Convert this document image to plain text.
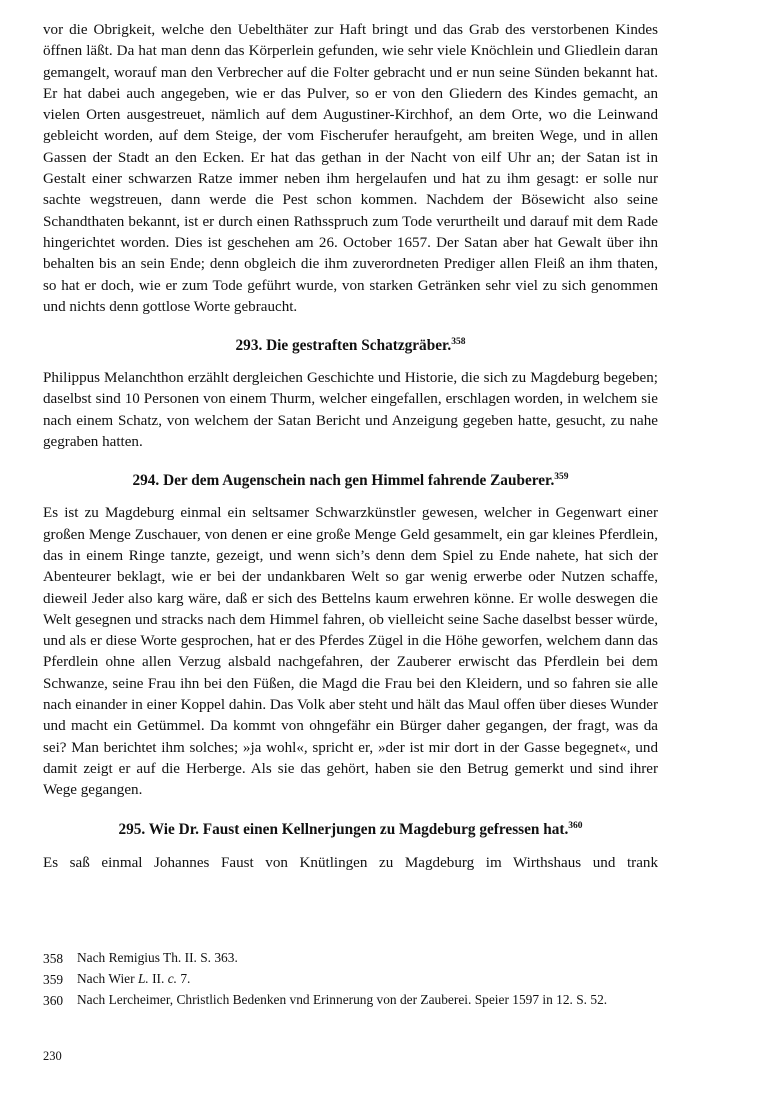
vor die Obrigkeit, welche den Uebelthäter zur Haft bringt und das Grab des verstorbenen Kindes öffnen läßt. Da hat man denn das Körperlein gefunden, wie sehr viele Knöchlein und Gliedlein daran gemangelt, worauf man den Verbrecher auf die Folter gebracht und er nun seine Sünden bekannt hat. Er hat dabei auch angegeben, wie er das Pulver, so er von den Gliedern des Kindes gemacht, an vielen Orten ausgestreuet, nämlich auf dem Augustiner-Kirchhof, an dem Orte, wo die Leinwand gebleicht worden, auf dem Steige, der vom Fischerufer heraufgeht, am breiten Wege, und in allen Gassen der Stadt an den Ecken. Er hat das gethan in der Nacht von eilf Uhr an; der Satan ist in Gestalt einer schwarzen Ratze immer neben ihm hergelaufen und hat zu ihm gesagt: er solle nur sachte wegstreuen, dann werde die Pest schon kommen. Nachdem der Bösewicht also seine Schandthaten bekannt, ist er durch einen Rathsspruch zum Tode verurtheilt und darauf mit dem Rade hingerichtet worden. Dies ist geschehen am 26. October 1657. Der Satan aber hat Gewalt über ihn behalten bis an sein Ende; denn obgleich die ihm zuverordneten Prediger allen Fleiß an ihm thaten, so hat er doch, wie er zum Tode geführt wurde, von starken Getränken sehr viel zu sich genommen und nichts denn gottlose Worte gebraucht.

293. Die gestraften Schatzgräber.$^{358}$

Philippus Melanchthon erzählt dergleichen Geschichte und Historie, die sich zu Magdeburg begeben; daselbst sind 10 Personen von einem Thurm, welcher eingefallen, erschlagen worden, in welchem sie nach einem Schatz, von welchem der Satan Bericht und Anzeigung gegeben hatte, gesucht, zu nahe gegraben hatten.

294. Der dem Augenschein nach gen Himmel fahrende Zauberer.$^{359}$

Es ist zu Magdeburg einmal ein seltsamer Schwarzkünstler gewesen, welcher in Gegenwart einer großen Menge Zuschauer, von denen er eine große Menge Geld gesammelt, ein gar kleines Pferdlein, das in einem Ringe tanzte, gezeigt, und wenn sich’s denn dem Spiel zu Ende nahete, hat sich der Abenteurer beklagt, wie er bei der undankbaren Welt so gar wenig erwerbe oder Nutzen schaffe, dieweil Jeder also karg wäre, daß er sich des Bettelns kaum erwehren könne. Er wolle deswegen die Welt gesegnen und stracks nach dem Himmel fahren, ob vielleicht seine Sache daselbst besser würde, und als er diese Worte gesprochen, hat er des Pferdes Zügel in die Höhe geworfen, welchem dann das Pferdlein ohne allen Verzug alsbald nachgefahren, der Zauberer erwischt das Pferdlein bei dem Schwanze, seine Frau ihn bei den Füßen, die Magd die Frau bei den Kleidern, und so fahren sie alle nach einander in einer Koppel dahin. Das Volk aber steht und hält das Maul offen über dieses Wunder und macht ein Getümmel. Da kommt von ohngefähr ein Bürger daher gegangen, der fragt, was da sei? Man berichtet ihm solches; »ja wohl«, spricht er, »der ist mir dort in der Gasse begegnet«, und damit zeigt er auf die Herberge. Als sie das gehört, haben sie den Betrug gemerkt und sind ihrer Wege gegangen.

295. Wie Dr. Faust einen Kellnerjungen zu Magdeburg gefressen hat.$^{360}$

Es saß einmal Johannes Faust von Knütlingen zu Magdeburg im Wirthshaus und trank

358	Nach Remigius Th. II. S. 363.
359	Nach Wier L. II. c. 7.
360	Nach Lercheimer, Christlich Bedenken vnd Erinnerung von der Zauberei. Speier 1597 in 12. S. 52.
230
